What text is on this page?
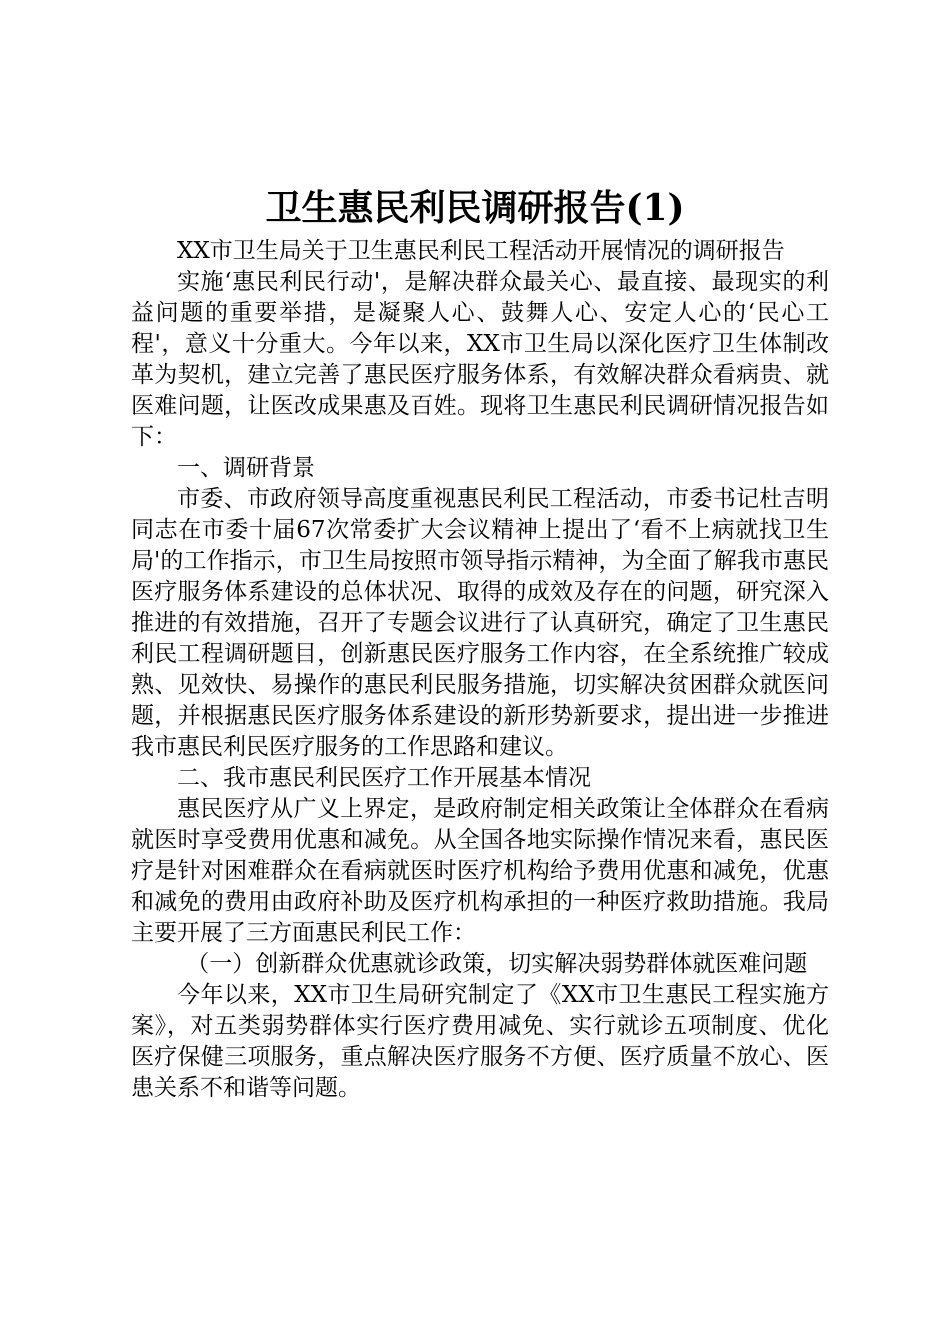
卫生惠民利民调研报告(1)

XX市卫生局关于卫生惠民利民工程活动开展情况的调研报告

实施‘惠民利民行动'，是解决群众最关心、最直接、最现实的利益问题的重要举措，是凝聚人心、鼓舞人心、安定人心的‘民心工程'，意义十分重大。今年以来，XX市卫生局以深化医疗卫生体制改革为契机，建立完善了惠民医疗服务体系，有效解决群众看病贵、就医难问题，让医改成果惠及百姓。现将卫生惠民利民调研情况报告如下：

一、调研背景

市委、市政府领导高度重视惠民利民工程活动，市委书记杜吉明同志在市委十届67次常委扩大会议精神上提出了‘看不上病就找卫生局'的工作指示，市卫生局按照市领导指示精神，为全面了解我市惠民医疗服务体系建设的总体状况、取得的成效及存在的问题，研究深入推进的有效措施，召开了专题会议进行了认真研究，确定了卫生惠民利民工程调研题目，创新惠民医疗服务工作内容，在全系统推广较成熟、见效快、易操作的惠民利民服务措施，切实解决贫困群众就医问题，并根据惠民医疗服务体系建设的新形势新要求，提出进一步推进我市惠民利民医疗服务的工作思路和建议。

二、我市惠民利民医疗工作开展基本情况

惠民医疗从广义上界定，是政府制定相关政策让全体群众在看病就医时享受费用优惠和减免。从全国各地实际操作情况来看，惠民医疗是针对困难群众在看病就医时医疗机构给予费用优惠和减免，优惠和减免的费用由政府补助及医疗机构承担的一种医疗救助措施。我局主要开展了三方面惠民利民工作：

（一）创新群众优惠就诊政策，切实解决弱势群体就医难问题

今年以来，XX市卫生局研究制定了《XX市卫生惠民工程实施方案》，对五类弱势群体实行医疗费用减免、实行就诊五项制度、优化医疗保健三项服务，重点解决医疗服务不方便、医疗质量不放心、医患关系不和谐等问题。
